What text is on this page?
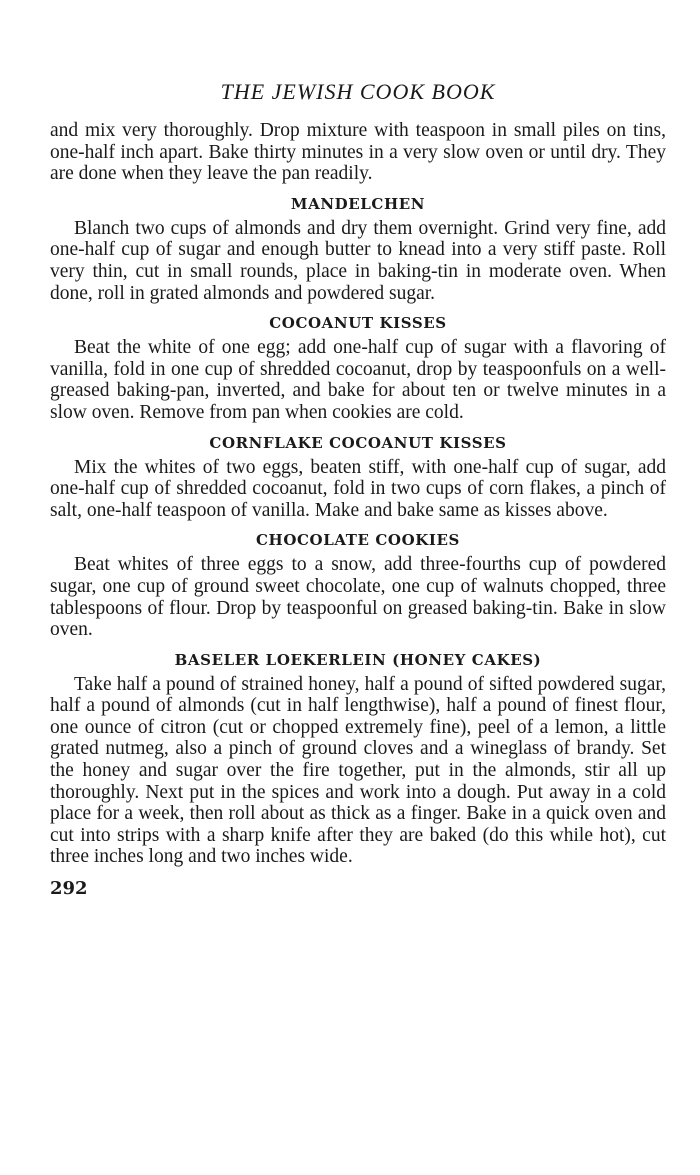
THE JEWISH COOK BOOK

and mix very thoroughly. Drop mixture with teaspoon in small piles on tins, one-half inch apart. Bake thirty minutes in a very slow oven or until dry. They are done when they leave the pan readily.

MANDELCHEN

Blanch two cups of almonds and dry them overnight. Grind very fine, add one-half cup of sugar and enough butter to knead into a very stiff paste. Roll very thin, cut in small rounds, place in baking-tin in moderate oven. When done, roll in grated almonds and powdered sugar.

COCOANUT KISSES

Beat the white of one egg; add one-half cup of sugar with a flavoring of vanilla, fold in one cup of shredded cocoanut, drop by teaspoonfuls on a well-greased baking-pan, inverted, and bake for about ten or twelve minutes in a slow oven. Remove from pan when cookies are cold.

CORNFLAKE COCOANUT KISSES

Mix the whites of two eggs, beaten stiff, with one-half cup of sugar, add one-half cup of shredded cocoanut, fold in two cups of corn flakes, a pinch of salt, one-half teaspoon of vanilla. Make and bake same as kisses above.

CHOCOLATE COOKIES

Beat whites of three eggs to a snow, add three-fourths cup of powdered sugar, one cup of ground sweet chocolate, one cup of walnuts chopped, three tablespoons of flour. Drop by teaspoonful on greased baking-tin. Bake in slow oven.

BASELER LOEKERLEIN (HONEY CAKES)

Take half a pound of strained honey, half a pound of sifted powdered sugar, half a pound of almonds (cut in half lengthwise), half a pound of finest flour, one ounce of citron (cut or chopped extremely fine), peel of a lemon, a little grated nutmeg, also a pinch of ground cloves and a wineglass of brandy. Set the honey and sugar over the fire together, put in the almonds, stir all up thoroughly. Next put in the spices and work into a dough. Put away in a cold place for a week, then roll about as thick as a finger. Bake in a quick oven and cut into strips with a sharp knife after they are baked (do this while hot), cut three inches long and two inches wide.

292
